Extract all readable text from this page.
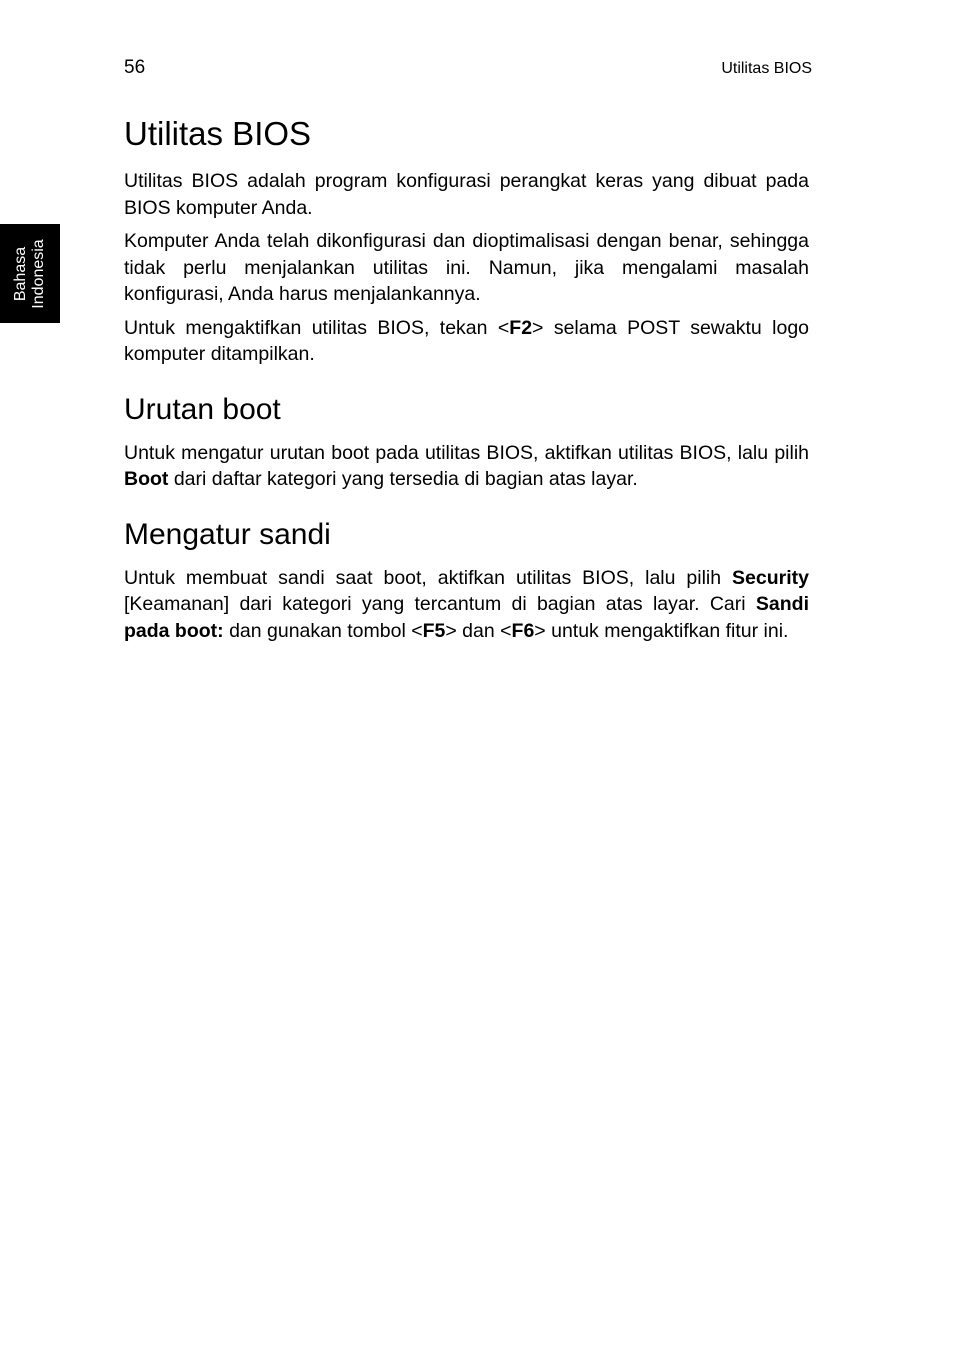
56	Utilitas BIOS
Bahasa
Indonesia
Utilitas BIOS

Utilitas BIOS adalah program konfigurasi perangkat keras yang dibuat pada BIOS komputer Anda.

Komputer Anda telah dikonfigurasi dan dioptimalisasi dengan benar, sehingga tidak perlu menjalankan utilitas ini. Namun, jika mengalami masalah konfigurasi, Anda harus menjalankannya.

Untuk mengaktifkan utilitas BIOS, tekan <F2> selama POST sewaktu logo komputer ditampilkan.

Urutan boot

Untuk mengatur urutan boot pada utilitas BIOS, aktifkan utilitas BIOS, lalu pilih Boot dari daftar kategori yang tersedia di bagian atas layar.

Mengatur sandi

Untuk membuat sandi saat boot, aktifkan utilitas BIOS, lalu pilih Security [Keamanan] dari kategori yang tercantum di bagian atas layar. Cari Sandi pada boot: dan gunakan tombol <F5> dan <F6> untuk mengaktifkan fitur ini.
